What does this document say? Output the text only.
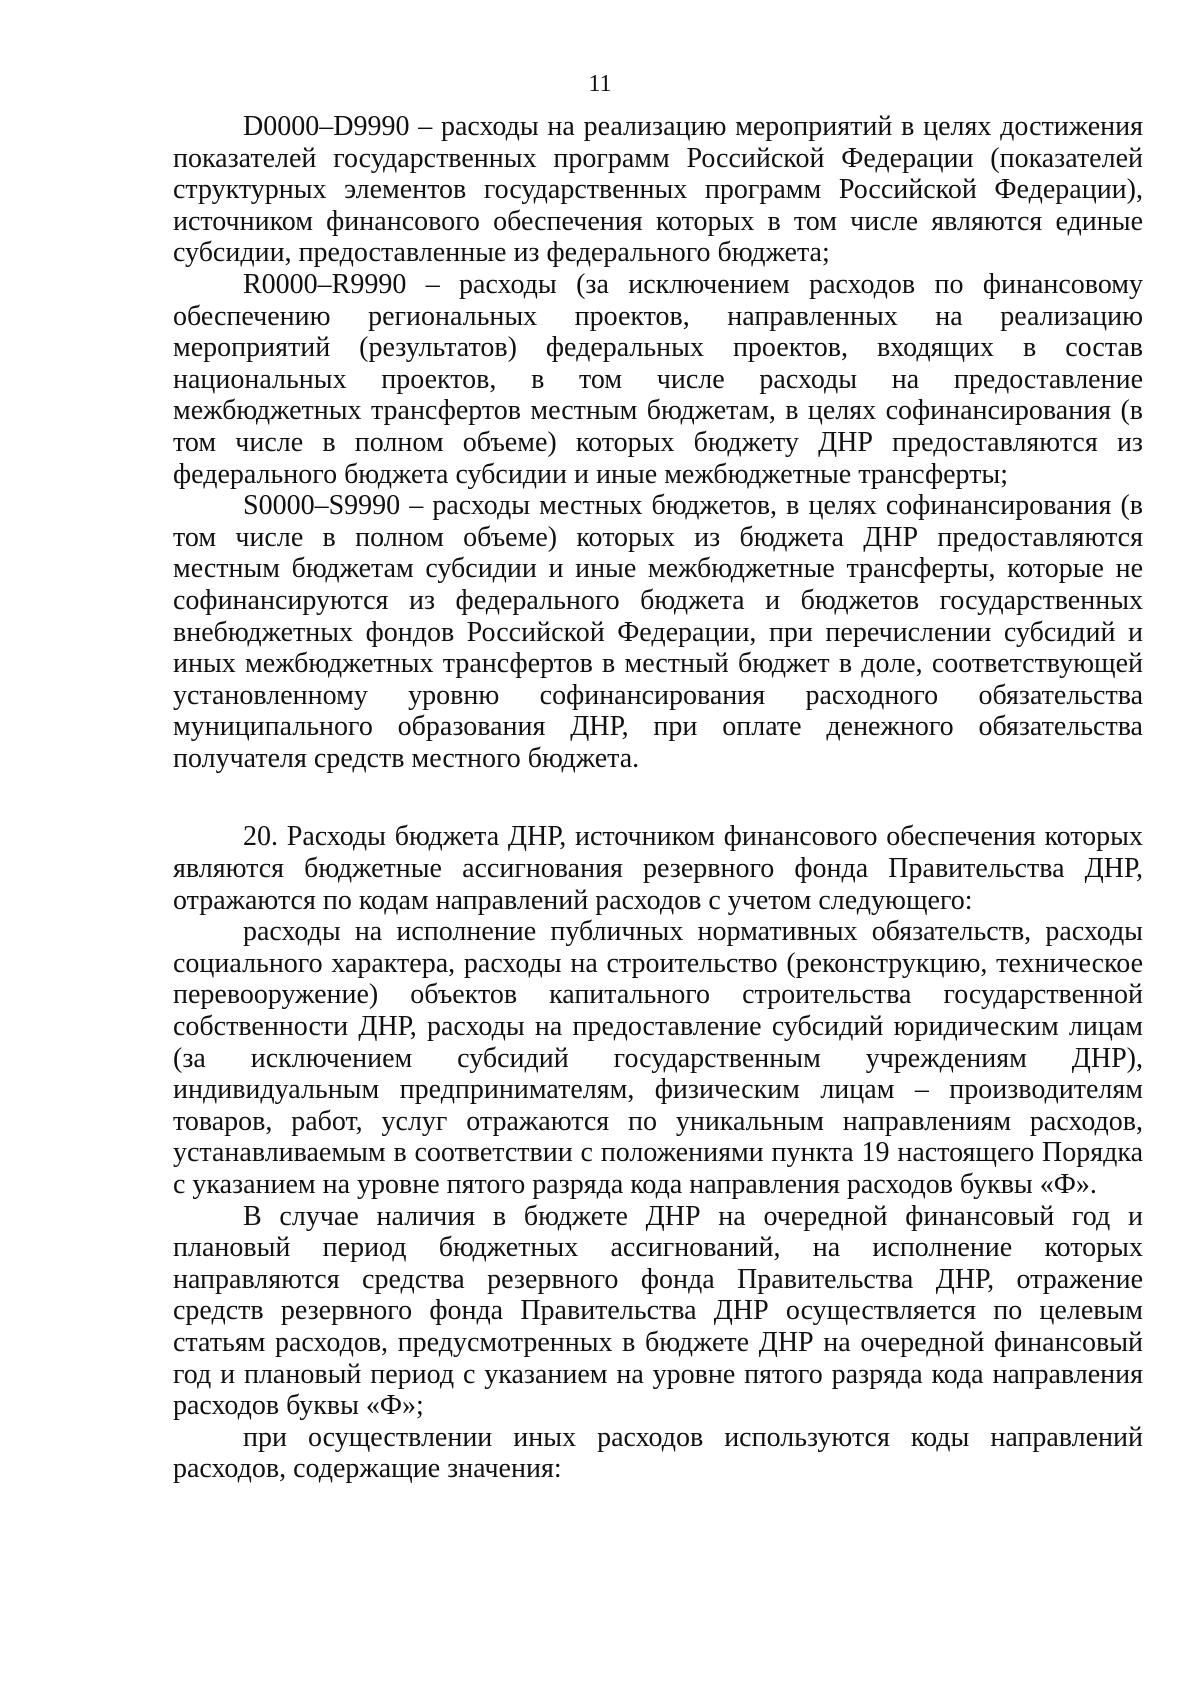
11

D0000–D9990 – расходы на реализацию мероприятий в целях достижения показателей государственных программ Российской Федерации (показателей структурных элементов государственных программ Российской Федерации), источником финансового обеспечения которых в том числе являются единые субсидии, предоставленные из федерального бюджета;

R0000–R9990 – расходы (за исключением расходов по финансовому обеспечению региональных проектов, направленных на реализацию мероприятий (результатов) федеральных проектов, входящих в состав национальных проектов, в том числе расходы на предоставление межбюджетных трансфертов местным бюджетам, в целях софинансирования (в том числе в полном объеме) которых бюджету ДНР предоставляются из федерального бюджета субсидии и иные межбюджетные трансферты;

S0000–S9990 – расходы местных бюджетов, в целях софинансирования (в том числе в полном объеме) которых из бюджета ДНР предоставляются местным бюджетам субсидии и иные межбюджетные трансферты, которые не софинансируются из федерального бюджета и бюджетов государственных внебюджетных фондов Российской Федерации, при перечислении субсидий и иных межбюджетных трансфертов в местный бюджет в доле, соответствующей установленному уровню софинансирования расходного обязательства муниципального образования ДНР, при оплате денежного обязательства получателя средств местного бюджета.

20. Расходы бюджета ДНР, источником финансового обеспечения которых являются бюджетные ассигнования резервного фонда Правительства ДНР, отражаются по кодам направлений расходов с учетом следующего:

расходы на исполнение публичных нормативных обязательств, расходы социального характера, расходы на строительство (реконструкцию, техническое перевооружение) объектов капитального строительства государственной собственности ДНР, расходы на предоставление субсидий юридическим лицам (за исключением субсидий государственным учреждениям ДНР), индивидуальным предпринимателям, физическим лицам – производителям товаров, работ, услуг отражаются по уникальным направлениям расходов, устанавливаемым в соответствии с положениями пункта 19 настоящего Порядка с указанием на уровне пятого разряда кода направления расходов буквы «Ф».

В случае наличия в бюджете ДНР на очередной финансовый год и плановый период бюджетных ассигнований, на исполнение которых направляются средства резервного фонда Правительства ДНР, отражение средств резервного фонда Правительства ДНР осуществляется по целевым статьям расходов, предусмотренных в бюджете ДНР на очередной финансовый год и плановый период с указанием на уровне пятого разряда кода направления расходов буквы «Ф»;

при осуществлении иных расходов используются коды направлений расходов, содержащие значения:
